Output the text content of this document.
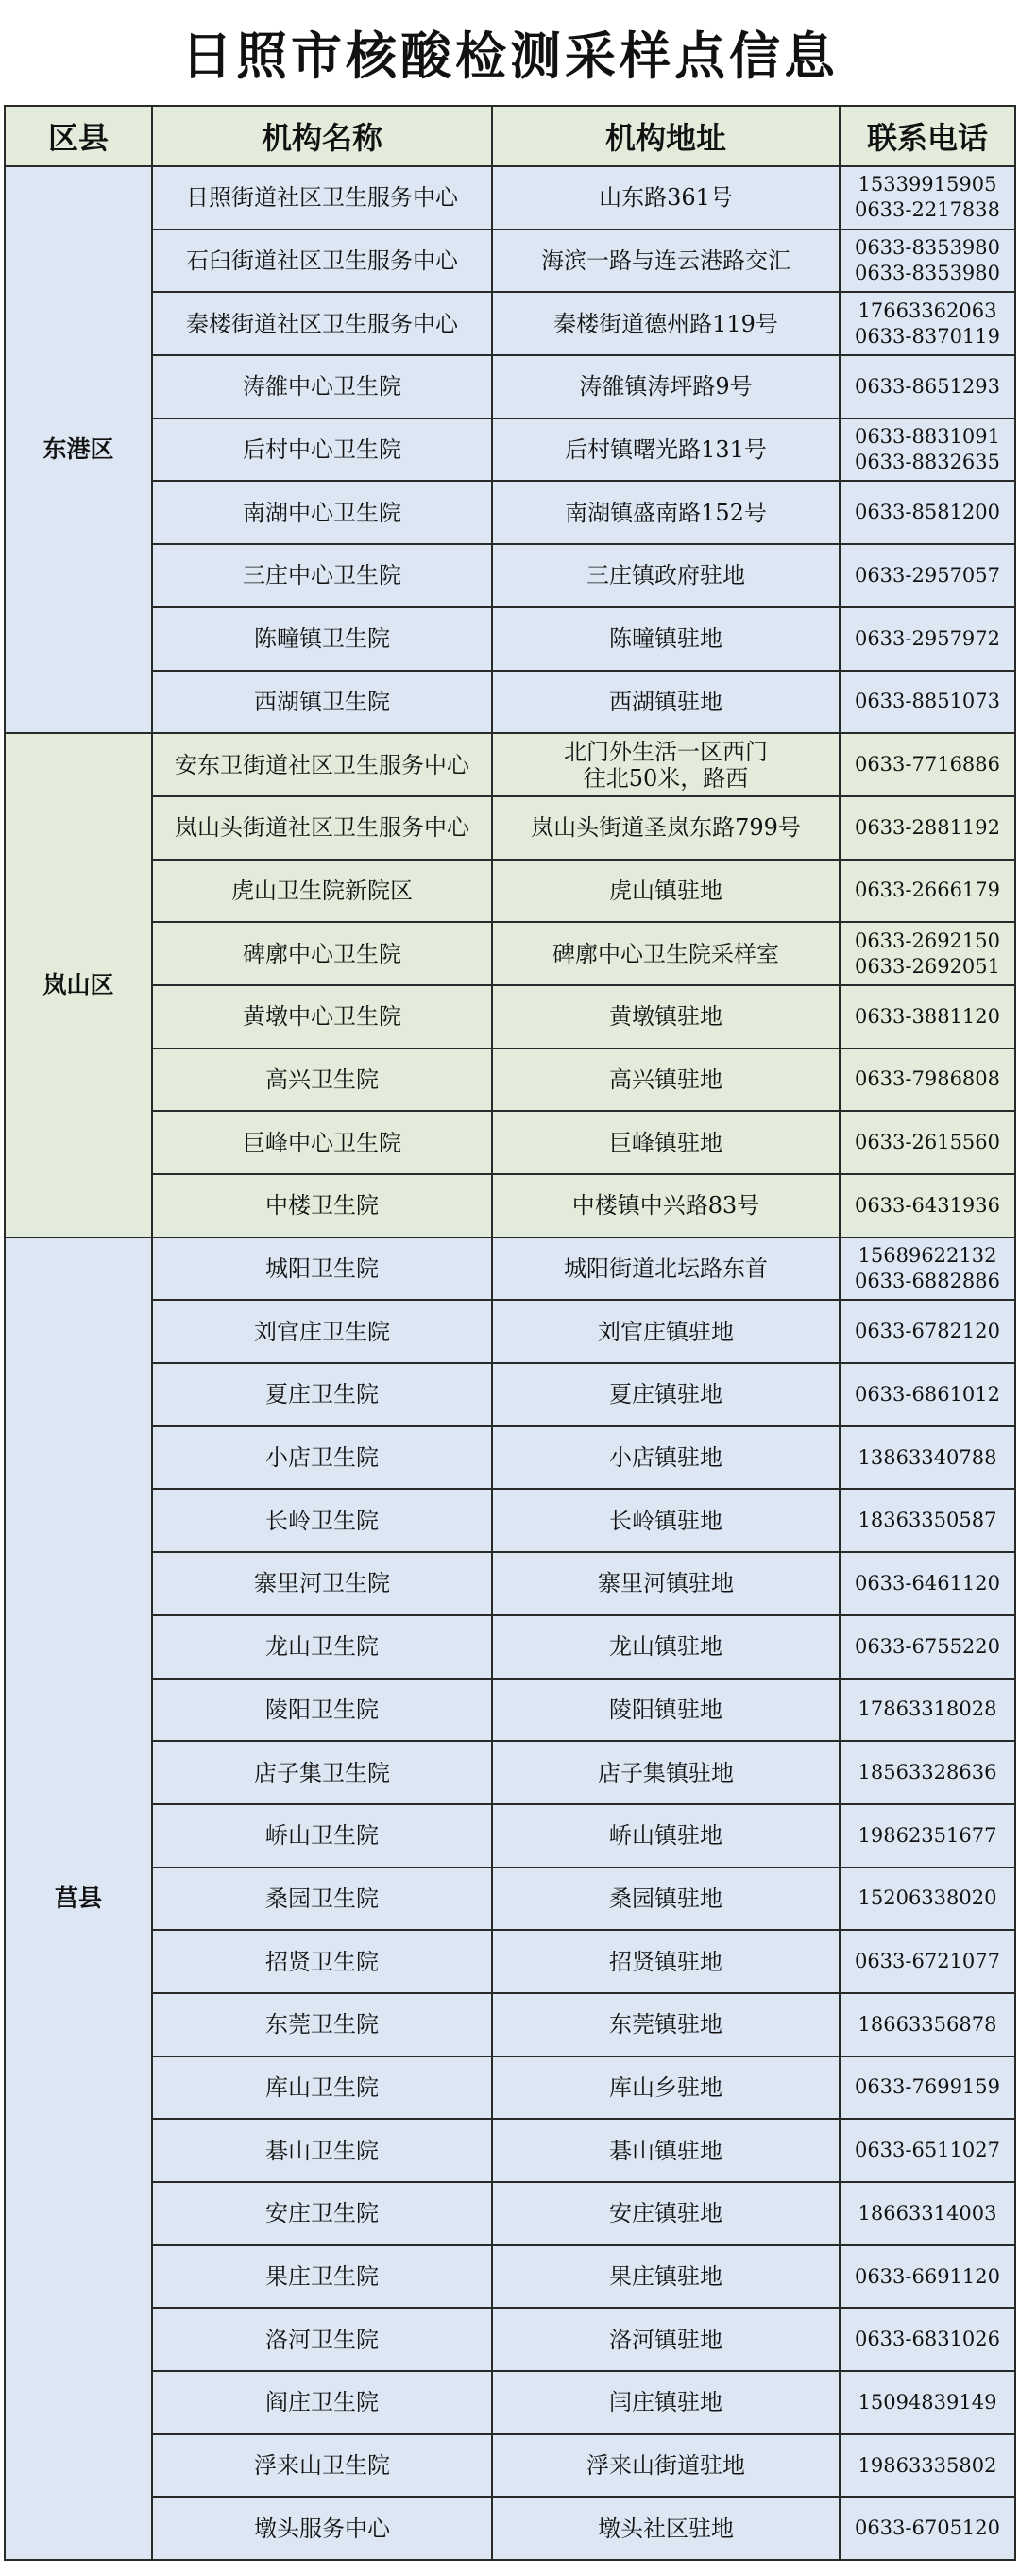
日照市核酸检测采样点信息
区县	机构名称	机构地址	联系电话
东港区	日照街道社区卫生服务中心	山东路361号	15339915905
0633-2217838

	石臼街道社区卫生服务中心	海滨一路与连云港路交汇	0633-8353980
0633-8353980

	秦楼街道社区卫生服务中心	秦楼街道德州路119号	17663362063
0633-8370119

	涛雒中心卫生院	涛雒镇涛坪路9号	0633-8651293

	后村中心卫生院	后村镇曙光路131号	0633-8831091
0633-8832635

	南湖中心卫生院	南湖镇盛南路152号	0633-8581200

	三庄中心卫生院	三庄镇政府驻地	0633-2957057

	陈疃镇卫生院	陈疃镇驻地	0633-2957972

	西湖镇卫生院	西湖镇驻地	0633-8851073

岚山区	安东卫街道社区卫生服务中心	北门外生活一区西门
往北50米，路西	0633-7716886

	岚山头街道社区卫生服务中心	岚山头街道圣岚东路799号	0633-2881192

	虎山卫生院新院区	虎山镇驻地	0633-2666179

	碑廓中心卫生院	碑廓中心卫生院采样室	0633-2692150
0633-2692051

	黄墩中心卫生院	黄墩镇驻地	0633-3881120

	高兴卫生院	高兴镇驻地	0633-7986808

	巨峰中心卫生院	巨峰镇驻地	0633-2615560

	中楼卫生院	中楼镇中兴路83号	0633-6431936

莒县	城阳卫生院	城阳街道北坛路东首	15689622132
0633-6882886

	刘官庄卫生院	刘官庄镇驻地	0633-6782120

	夏庄卫生院	夏庄镇驻地	0633-6861012

	小店卫生院	小店镇驻地	13863340788

	长岭卫生院	长岭镇驻地	18363350587

	寨里河卫生院	寨里河镇驻地	0633-6461120

	龙山卫生院	龙山镇驻地	0633-6755220

	陵阳卫生院	陵阳镇驻地	17863318028

	店子集卫生院	店子集镇驻地	18563328636

	峤山卫生院	峤山镇驻地	19862351677

	桑园卫生院	桑园镇驻地	15206338020

	招贤卫生院	招贤镇驻地	0633-6721077

	东莞卫生院	东莞镇驻地	18663356878

	库山卫生院	库山乡驻地	0633-7699159

	碁山卫生院	碁山镇驻地	0633-6511027

	安庄卫生院	安庄镇驻地	18663314003

	果庄卫生院	果庄镇驻地	0633-6691120

	洛河卫生院	洛河镇驻地	0633-6831026

	阎庄卫生院	闫庄镇驻地	15094839149

	浮来山卫生院	浮来山街道驻地	19863335802

	墩头服务中心	墩头社区驻地	0633-6705120
